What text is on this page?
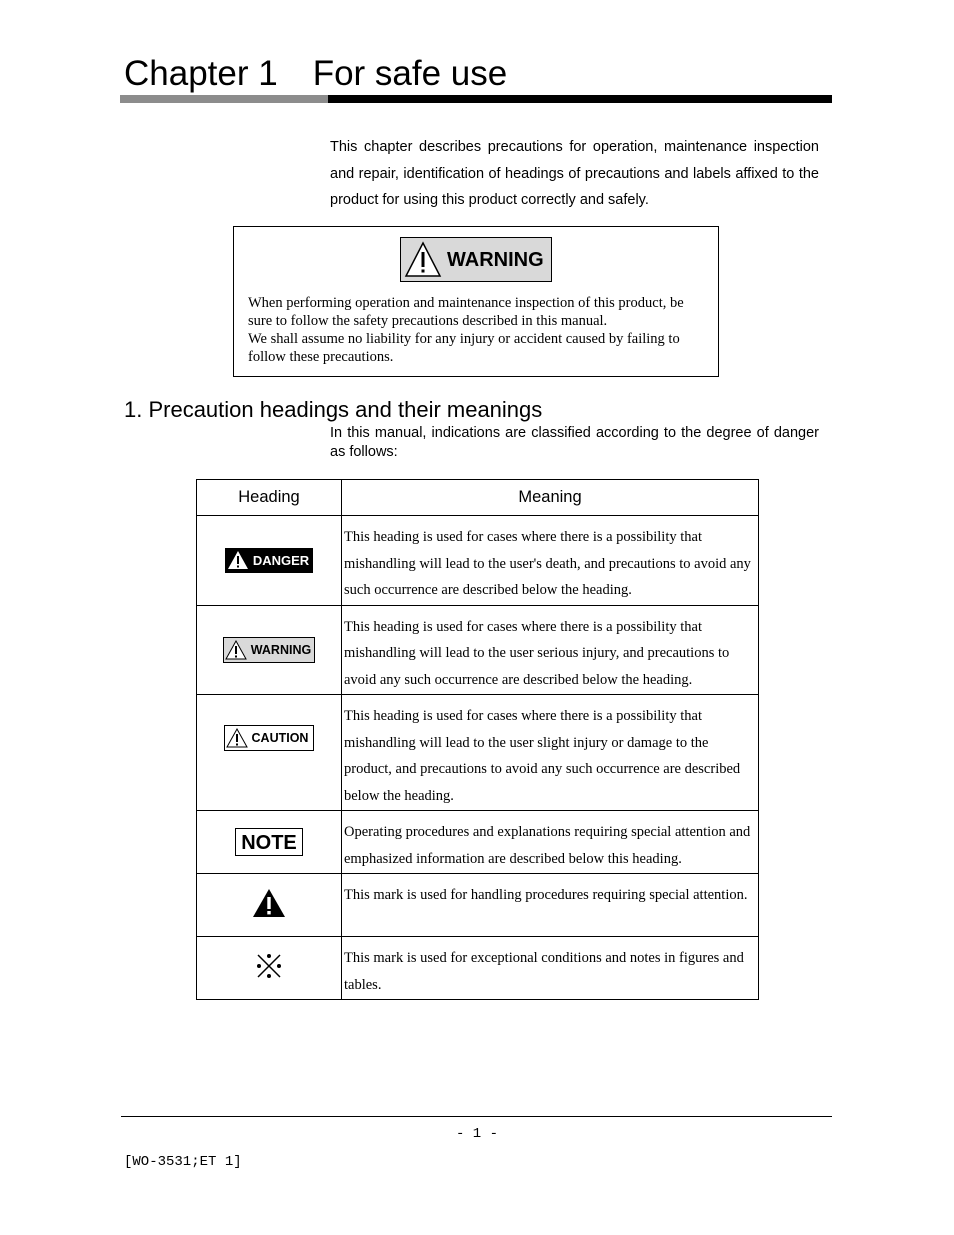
Chapter 1 For safe use

This chapter describes precautions for operation, maintenance inspection and repair, identification of headings of precautions and labels affixed to the product for using this product correctly and safely.

WARNING

When performing operation and maintenance inspection of this product, be sure to follow the safety precautions described in this manual.

We shall assume no liability for any injury or accident caused by failing to follow these precautions.

1. Precaution headings and their meanings

In this manual, indications are classified according to the degree of danger as follows:

Heading	Meaning

DANGER	This heading is used for cases where there is a possibility that mishandling will lead to the user's death, and precautions to avoid any such occurrence are described below the heading.

WARNING	This heading is used for cases where there is a possibility that mishandling will lead to the user serious injury, and precautions to avoid any such occurrence are described below the heading.

CAUTION	This heading is used for cases where there is a possibility that mishandling will lead to the user slight injury or damage to the product, and precautions to avoid any such occurrence are described below the heading.
NOTE	Operating procedures and explanations requiring special attention and emphasized information are described below this heading.
	This mark is used for handling procedures requiring special attention.
	This mark is used for exceptional conditions and notes in figures and tables.
- 1 -
[WO-3531;ET 1]
